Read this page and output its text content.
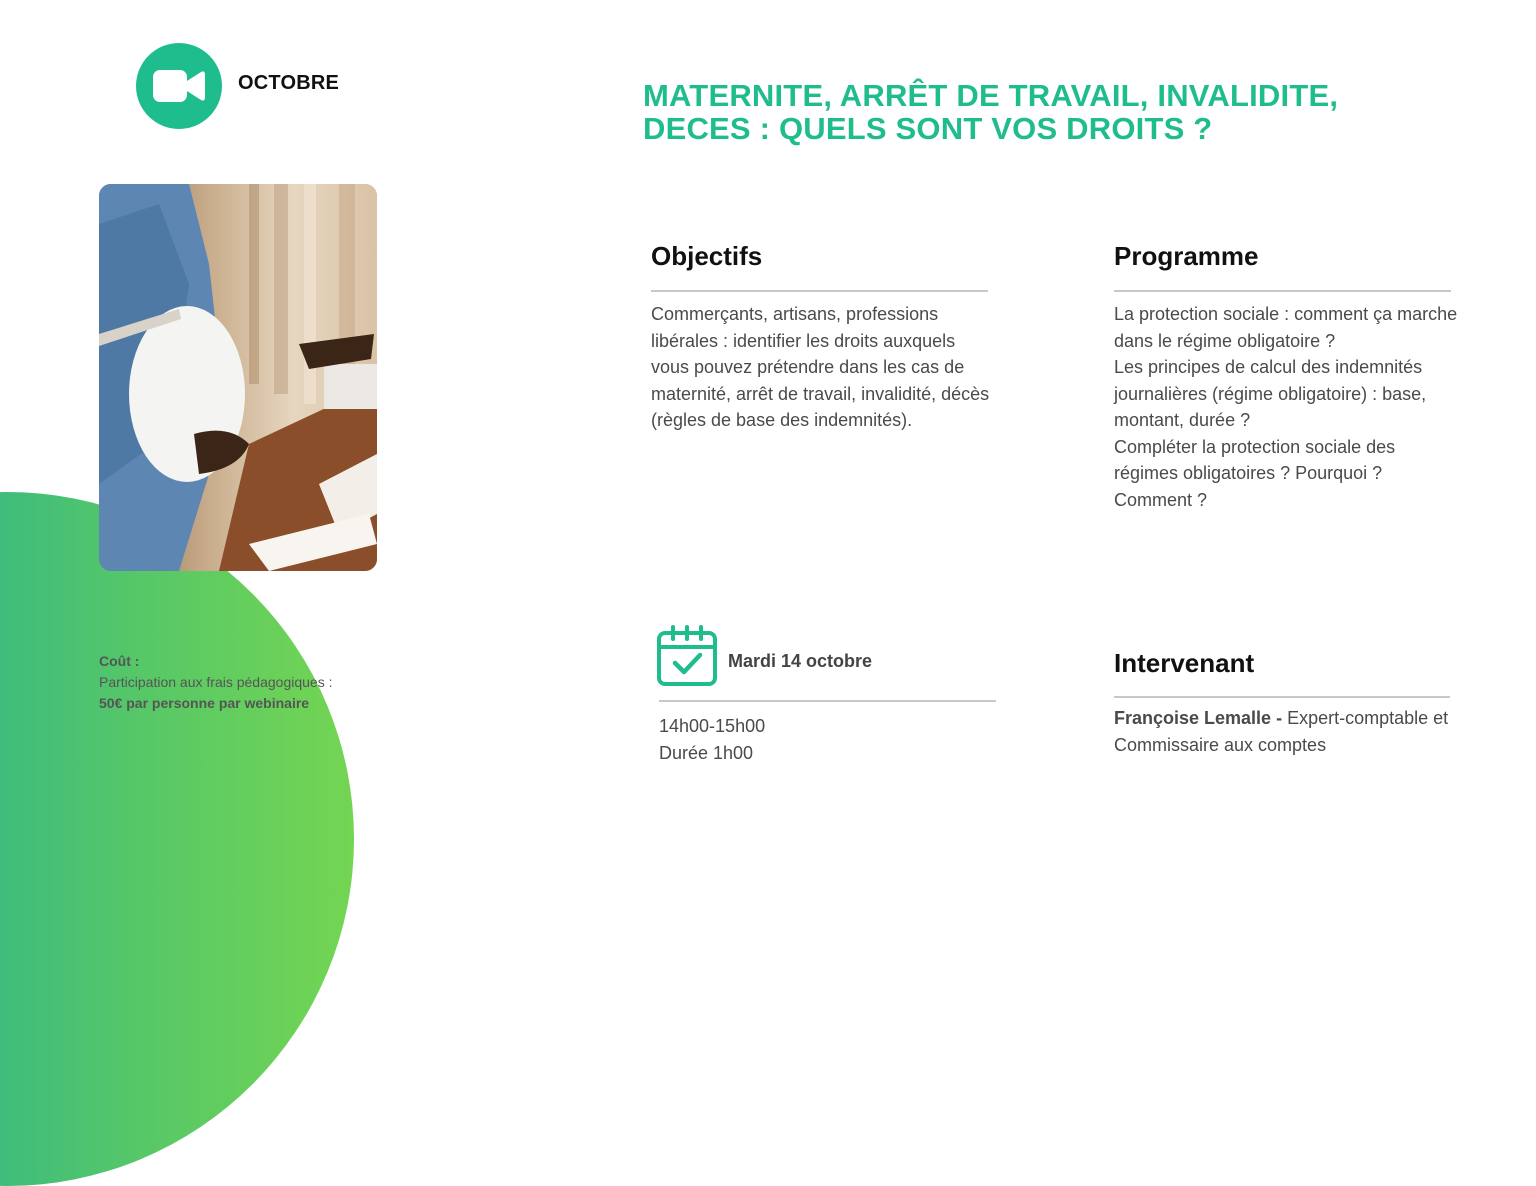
OCTOBRE
Coût :
Participation aux frais pédagogiques :
50€ par personne par webinaire
MATERNITE, ARRÊT DE TRAVAIL, INVALIDITE,
DECES : QUELS SONT VOS DROITS ?
Objectifs
Commerçants, artisans, professions libérales : identifier les droits auxquels vous pouvez prétendre dans les cas de maternité, arrêt de travail, invalidité, décès (règles de base des indemnités).
Programme

La protection sociale : comment ça marche dans le régime obligatoire ?

Les principes de calcul des indemnités journalières (régime obligatoire) : base, montant, durée ?

Compléter la protection sociale des régimes obligatoires ? Pourquoi ? Comment ?

Mardi 14 octobre

14h00-15h00

Durée 1h00

Intervenant
Françoise Lemalle - Expert-comptable et Commissaire aux comptes
